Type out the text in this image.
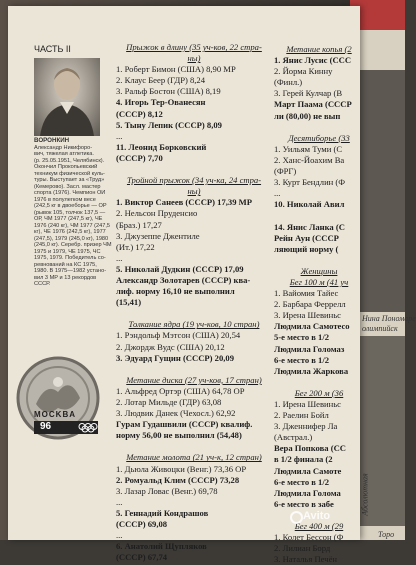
Нина Пономаре
олимпийск
Абсолютная
Торо
ЧАСТЬ II
ВОРОНКИН
Александр Никифоро-
вич, тяжелая атлетика.
(р. 25.05.1951, Челябинск).
Окончил Прокопьевский
техникум физической куль-
туры. Выступает за «Труд»
(Кемерово). Засл. мастер
спорта (1976). Чемпион ОИ
1976 в полулегком весе
(242,5 кг в двоеборье — ОР
(рывок 105, толчок 137,5 —
ОР, ЧМ 1977 (247,5 кг), ЧЕ
1976 (240 кг), ЧМ 1977 (247,5
кг), ЧЕ 1976 (242,5 кг), 1977
(247,5), 1979 (245,0 кг), 1980
(245,0 кг). Серебр. призер ЧМ
1975 и 1979, ЧЕ 1975, ЧС
1975, 1979. Победитель со-
ревнований на КС 1975,
1980. В 1975—1982 устано-
вил 3 МР и 13 рекордов
СССР.
MOCKBA
96
Прыжок в длину (35 уч-ков, 22 стра-
ны)
1. Роберт Бимон (США) 8,90 МР
2. Клаус Беер (ГДР) 8,24
3. Ральф Бостон (США) 8,19
4. Игорь Тер-Ованесян
(СССР) 8,12
5. Тыну Лепик (СССР) 8,09
...
11. Леонид Борковский
(СССР) 7,70

Тройной прыжок (34 уч-ка, 24 стра-
ны)
1. Виктор Санеев (СССР) 17,39 МР
2. Нельсон Пруденсио
(Браз.) 17,27
3. Джузеппе Джентиле
(Ит.) 17,22
...
5. Николай Дудкин (СССР) 17,09
Александр Золотарев (СССР) ква-
лиф. норму 16,10 не выполнил
(15,41)

Толкание ядра (19 уч-ков, 10 стран)
1. Рэндольф Мэтсон (США) 20,54
2. Джордж Вудс (США) 20,12
3. Эдуард Гущин (СССР) 20,09

Метание диска (27 уч-ков, 17 стран)
1. Альфред Ортэр (США) 64,78 ОР
2. Лотар Мильде (ГДР) 63,08
3. Людвик Данек (Чехосл.) 62,92
Гурам Гудашвили (СССР) квалиф.
норму 56,00 не выполнил (54,48)

Метание молота (21 уч-к, 12 стран)
1. Дьюла Живоцки (Венг.) 73,36 ОР
2. Ромуальд Клим (СССР) 73,28
3. Лазар Ловас (Венг.) 69,78
...
5. Геннадий Кондрашов
(СССР) 69,08
...
6. Анатолий Щупляков
(СССР) 67,74
Метание копья (2
1. Янис Лусис (ССС
2. Йорма Кинну
(Финл.)
3. Герей Кулчар (В
Март Паама (СССР
ли (80,00) не вып

Десятиборье (33
1. Уильям Туми (С
2. Ханс-Йоахим Ва
(ФРГ)
3. Курт Бендлин (Ф
...
10. Николай Авил

14. Янис Ланка (С
Рейн Аун (СССР
ляющий норму (

Женщины
Бег 100 м (41 уч
1. Вайомия Тайес
2. Барбара Феррелл
3. Ирена Шевиньс
Людмила Самотесо
5-е место в 1/2
Людмила Голомаз
6-е место в 1/2
Людмила Жаркова

Бег 200 м (36
1. Ирена Шевиньс
2. Раелин Бойл
3. Дженнифер Ла
(Австрал.)
Вера Попкова (СС
в 1/2 финала (2
Людмила Самоте
6-е место в 1/2
Людмила Голома
6-е место в забе

Бег 400 м (29
1. Колет Бессон (Ф
2. Лилиан Борд
3. Наталья Печён
Avito
